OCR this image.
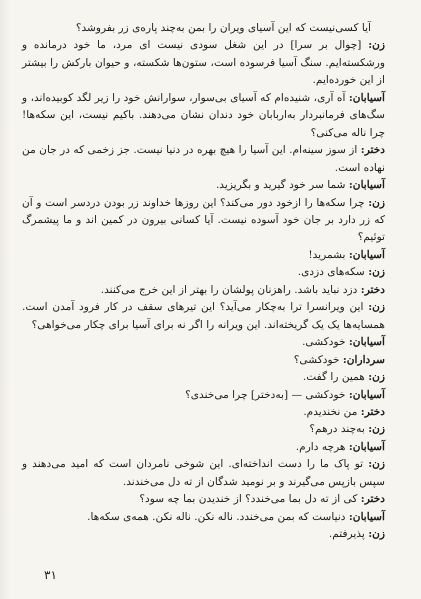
آیا کسی‌نیست که این آسیای ویران را بمن به‌چند پاره‌ی زر بفروشد؟

زن: [چوال بر سرا] در این شغل سودی نیست ای مرد، ما خود درمانده و ورشکسته‌ایم. سنگ آسیا فرسوده است، ستون‌ها شکسته، و حیوان بارکش را بیشتر از این خورده‌ایم.

آسیابان: آه آری، شنیده‌ام که آسیای بی‌سوار، سوارانش خود را زیر لگد کوبیده‌اند، و سگ‌های فرمانبردار به‌اربابان خود دندان نشان می‌دهند. باکیم نیست، این سکه‌ها! چرا ناله می‌کنی؟

دختر: از سوز سینه‌ام. این آسیا را هیچ بهره در دنیا نیست. جز زخمی که در جان من نهاده است.

آسیابان: شما سر خود گیرید و بگریزید.

زن: چرا سکه‌ها را ازخود دور می‌کند؟ این روزها خداوند زر بودن دردسر است و آن که زر دارد بر جان خود آسوده نیست. آیا کسانی بیرون در کمین اند و ما پیشمرگ توئیم؟

آسیابان: بشمرید!

زن: سکه‌های دزدی.

دختر: دزد نباید باشد. راهزنان پولشان را بهتر از این خرج می‌کنند.

زن: این ویرانسرا ترا به‌چکار می‌آید؟ این تیرهای سقف در کار فرود آمدن است. همسایه‌ها یک یک گریخته‌اند. این ویرانه را اگر نه برای آسیا برای چکار می‌خواهی؟

آسیابان: خودکشی.

سرداران: خودکشی؟

زن: همین را گفت.

آسیابان: خودکشی — [به‌دختر] چرا می‌خندی؟

دختر: من نخندیدم.

زن: به‌چند درهم؟

آسیابان: هرچه دارم.

زن: تو پاک ما را دست انداخته‌ای. این شوخی نامردان است که امید می‌دهند و سپس بازپس می‌گیرند و بر نومید شدگان از ته دل می‌خندند.

دختر: کی از ته دل بما می‌خندد؟ از خندیدن بما چه سود؟

آسیابان: دنیاست که بمن می‌خندد. ناله نکن. ناله نکن. همه‌ی سکه‌ها.

زن: پذیرفتم.

۳۱
